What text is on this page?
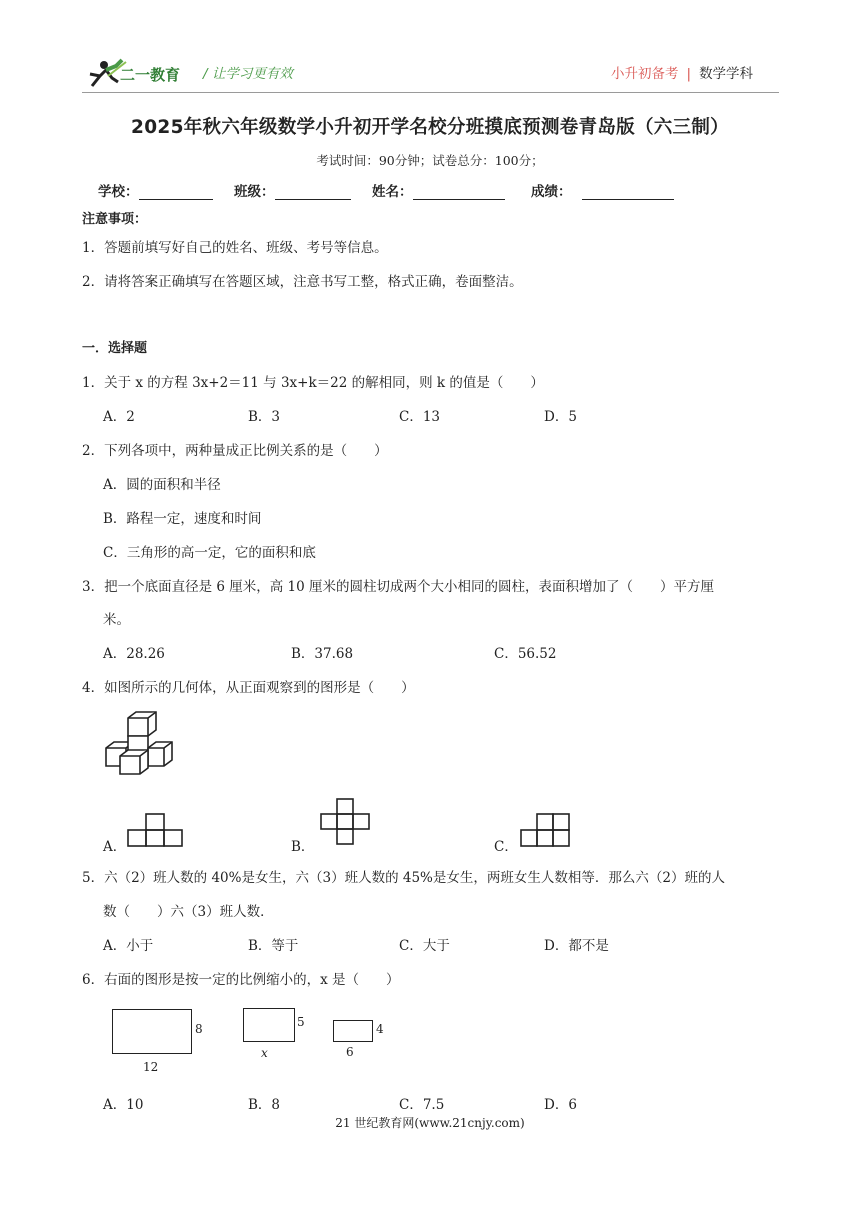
二一教育 / 让学习更有效	小升初备考 | 数学学科
2025年秋六年级数学小升初开学名校分班摸底预测卷青岛版（六三制）
考试时间：90分钟；试卷总分：100分；
学校：	班级：	姓名：	成绩：
注意事项：
1．答题前填写好自己的姓名、班级、考号等信息。
2．请将答案正确填写在答题区域，注意书写工整，格式正确，卷面整洁。
一．选择题
1．关于 x 的方程 3x+2＝11 与 3x+k＝22 的解相同，则 k 的值是（　　）
A．2	B．3	C．13	D．5
2．下列各项中，两种量成正比例关系的是（　　）
A．圆的面积和半径
B．路程一定，速度和时间
C．三角形的高一定，它的面积和底
3．把一个底面直径是 6 厘米，高 10 厘米的圆柱切成两个大小相同的圆柱，表面积增加了（　　）平方厘
米。
A．28.26	B．37.68	C．56.52
4．如图所示的几何体，从正面观察到的图形是（　　）
A．	B．	C．
5．六（2）班人数的 40%是女生，六（3）班人数的 45%是女生，两班女生人数相等．那么六（2）班的人
数（　　）六（3）班人数．
A．小于	B．等于	C．大于	D．都不是
6．右面的图形是按一定的比例缩小的，x 是（　　）
8
12
5
x
4
6
A．10	B．8	C．7.5	D．6
21 世纪教育网(www.21cnjy.com)
